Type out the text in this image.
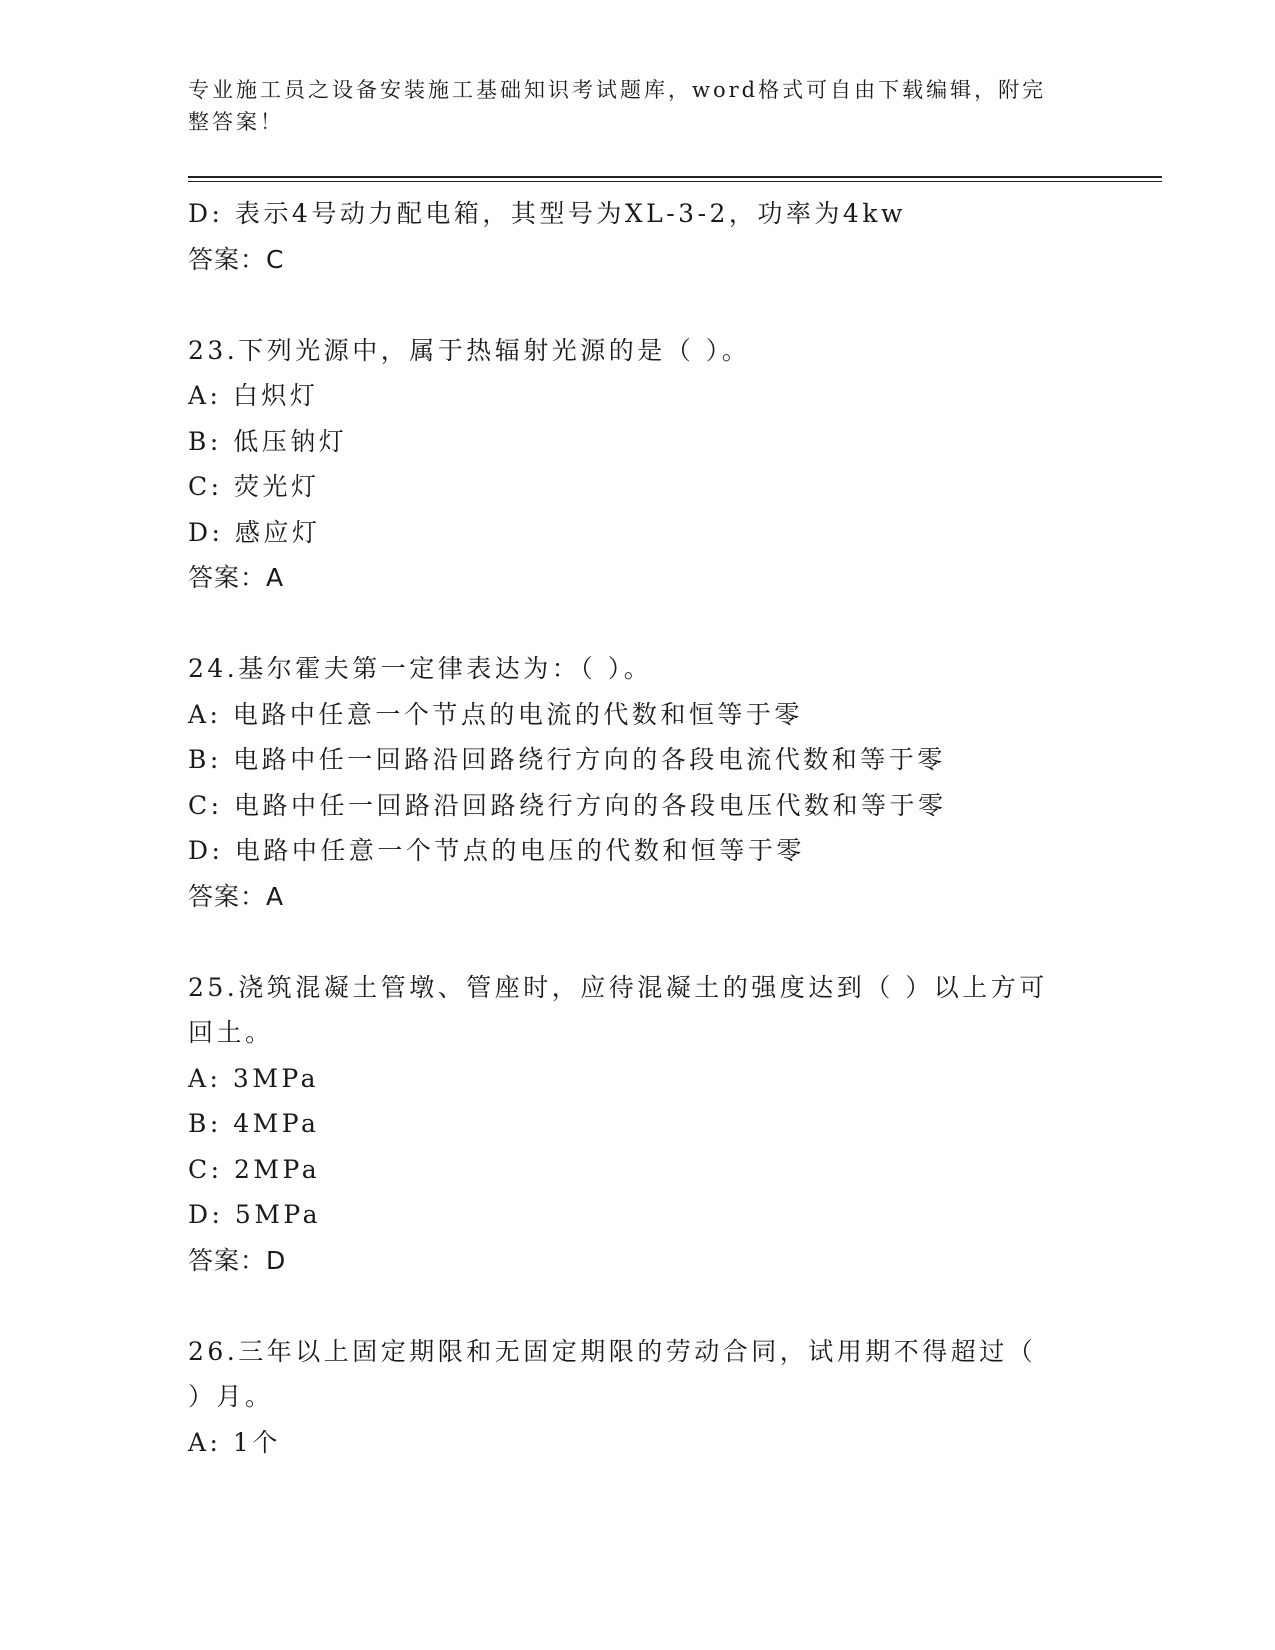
专业施工员之设备安装施工基础知识考试题库，word格式可自由下载编辑，附完
整答案！
D: 表示4号动力配电箱，其型号为XL-3-2，功率为4kw
答案：C
23.下列光源中，属于热辐射光源的是（ ）。
A: 白炽灯
B: 低压钠灯
C: 荧光灯
D: 感应灯
答案：A
24.基尔霍夫第一定律表达为：（ ）。
A: 电路中任意一个节点的电流的代数和恒等于零
B: 电路中任一回路沿回路绕行方向的各段电流代数和等于零
C: 电路中任一回路沿回路绕行方向的各段电压代数和等于零
D: 电路中任意一个节点的电压的代数和恒等于零
答案：A
25.浇筑混凝土管墩、管座时，应待混凝土的强度达到（ ）以上方可
回土。
A: 3MPa
B: 4MPa
C: 2MPa
D: 5MPa
答案：D
26.三年以上固定期限和无固定期限的劳动合同，试用期不得超过（
）月。
A: 1个
